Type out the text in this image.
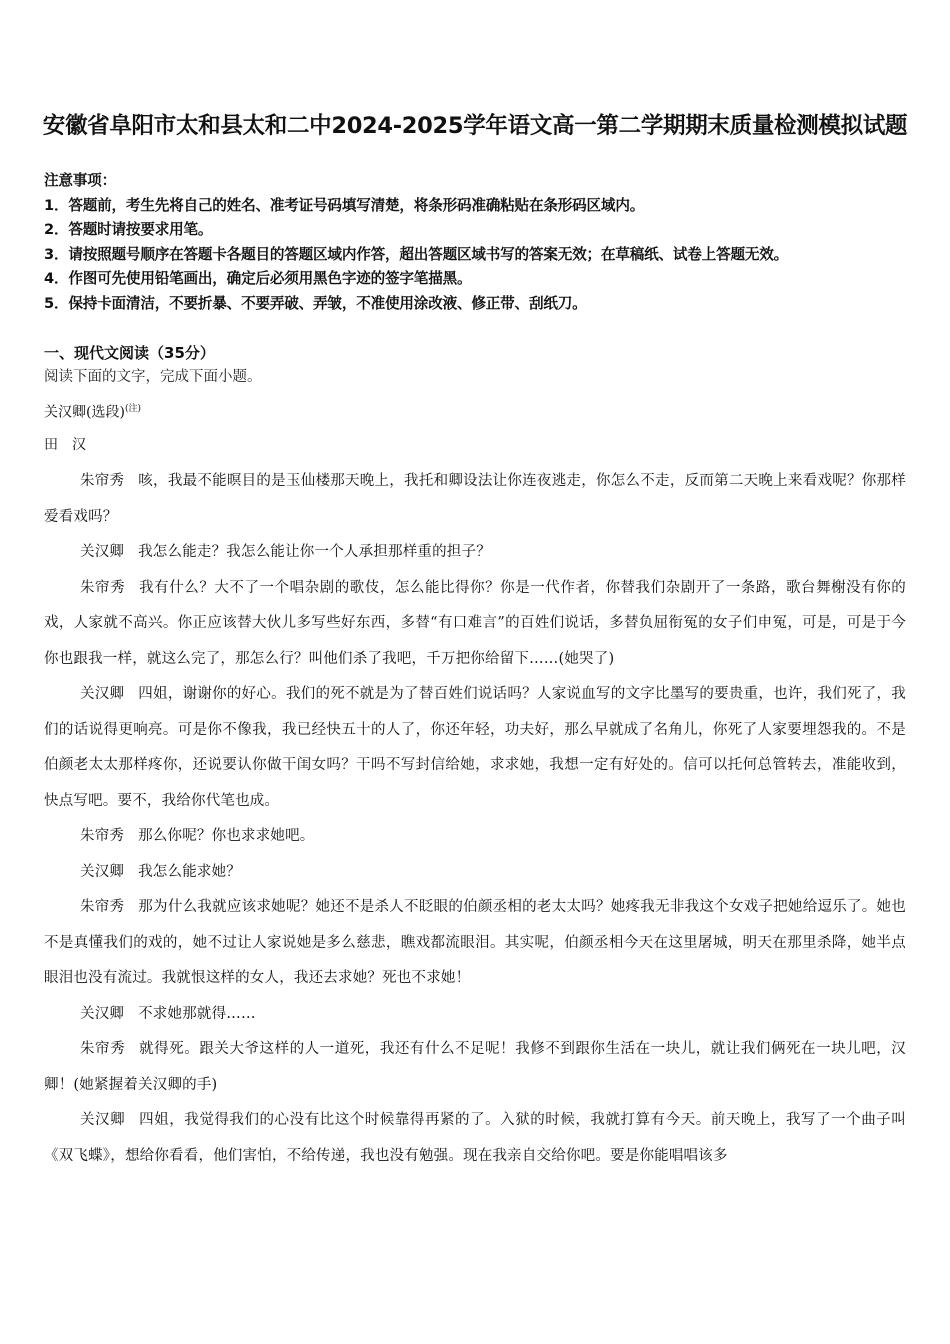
安徽省阜阳市太和县太和二中2024-2025学年语文高一第二学期期末质量检测模拟试题
注意事项：
1．答题前，考生先将自己的姓名、准考证号码填写清楚，将条形码准确粘贴在条形码区域内。
2．答题时请按要求用笔。
3．请按照题号顺序在答题卡各题目的答题区域内作答，超出答题区域书写的答案无效；在草稿纸、试卷上答题无效。
4．作图可先使用铅笔画出，确定后必须用黑色字迹的签字笔描黑。
5．保持卡面清洁，不要折暴、不要弄破、弄皱，不准使用涂改液、修正带、刮纸刀。
一、现代文阅读（35分）
阅读下面的文字，完成下面小题。
关汉卿(选段)$^{(注)}$
田　汉
朱帘秀 咳，我最不能暝目的是玉仙楼那天晚上，我托和卿设法让你连夜逃走，你怎么不走，反而第二天晚上来看戏呢？你那样爱看戏吗？
关汉卿 我怎么能走？我怎么能让你一个人承担那样重的担子？
朱帘秀 我有什么？大不了一个唱杂剧的歌伎，怎么能比得你？你是一代作者，你替我们杂剧开了一条路，歌台舞榭没有你的戏，人家就不高兴。你正应该替大伙儿多写些好东西，多替“有口难言”的百姓们说话，多替负屈衔冤的女子们申冤，可是，可是于今你也跟我一样，就这么完了，那怎么行？叫他们杀了我吧，千万把你给留下……(她哭了)
关汉卿 四姐，谢谢你的好心。我们的死不就是为了替百姓们说话吗？人家说血写的文字比墨写的要贵重，也许，我们死了，我们的话说得更响亮。可是你不像我，我已经快五十的人了，你还年轻，功夫好，那么早就成了名角儿，你死了人家要埋怨我的。不是伯颜老太太那样疼你，还说要认你做干闺女吗？干吗不写封信给她，求求她，我想一定有好处的。信可以托何总管转去，准能收到，快点写吧。要不，我给你代笔也成。
朱帘秀 那么你呢？你也求求她吧。
关汉卿 我怎么能求她？
朱帘秀 那为什么我就应该求她呢？她还不是杀人不眨眼的伯颜丞相的老太太吗？她疼我无非我这个女戏子把她给逗乐了。她也不是真懂我们的戏的，她不过让人家说她是多么慈悲，瞧戏都流眼泪。其实呢，伯颜丞相今天在这里屠城，明天在那里杀降，她半点眼泪也没有流过。我就恨这样的女人，我还去求她？死也不求她！
关汉卿 不求她那就得……
朱帘秀 就得死。跟关大爷这样的人一道死，我还有什么不足呢！我修不到跟你生活在一块儿，就让我们俩死在一块儿吧，汉卿！(她紧握着关汉卿的手)
关汉卿 四姐，我觉得我们的心没有比这个时候靠得再紧的了。入狱的时候，我就打算有今天。前天晚上，我写了一个曲子叫《双飞蝶》，想给你看看，他们害怕，不给传递，我也没有勉强。现在我亲自交给你吧。要是你能唱唱该多
